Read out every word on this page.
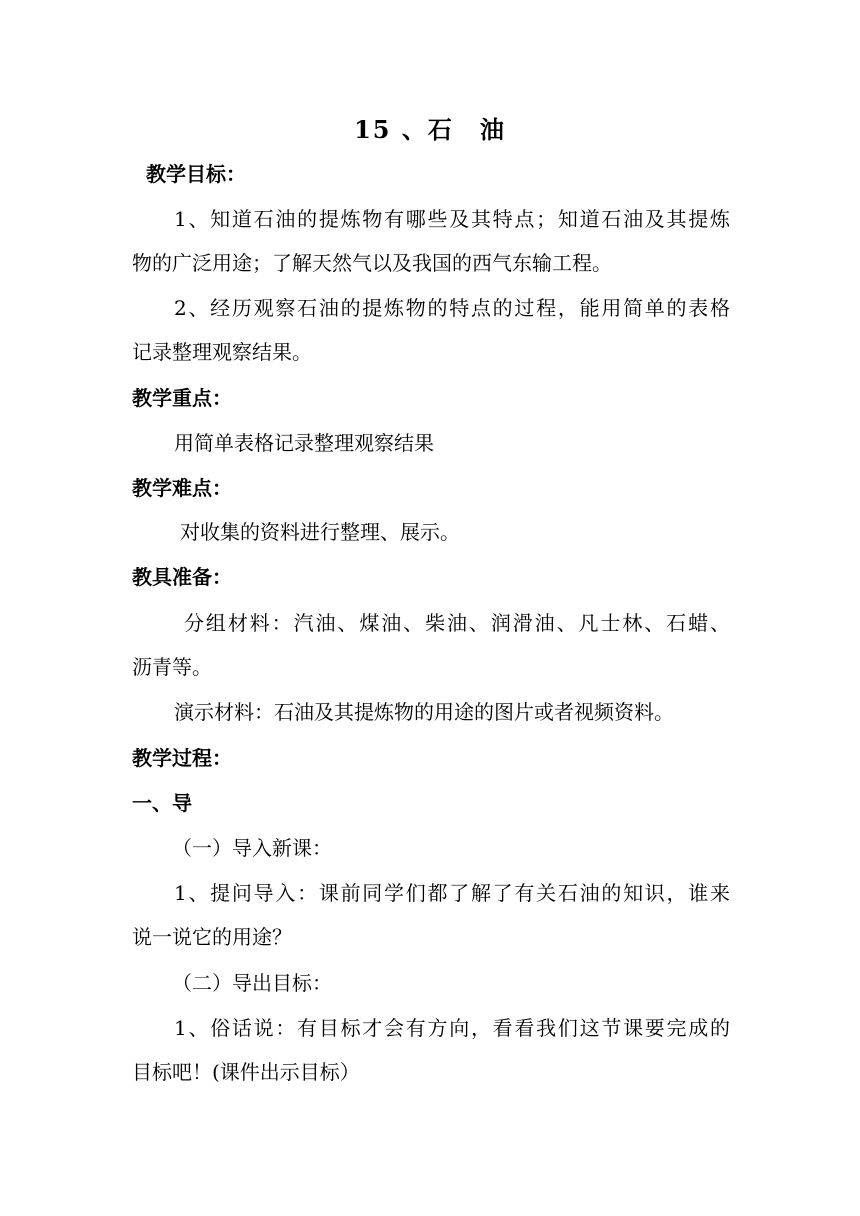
15 、石　油
教学目标：
1、知道石油的提炼物有哪些及其特点；知道石油及其提炼
物的广泛用途；了解天然气以及我国的西气东输工程。
2、经历观察石油的提炼物的特点的过程，能用简单的表格
记录整理观察结果。
教学重点：
用简单表格记录整理观察结果
教学难点：
对收集的资料进行整理、展示。
教具准备：
分组材料：汽油、煤油、柴油、润滑油、凡士林、石蜡、
沥青等。
演示材料：石油及其提炼物的用途的图片或者视频资料。
教学过程：
一、导
（一）导入新课：
1、提问导入：课前同学们都了解了有关石油的知识，谁来
说一说它的用途？
（二）导出目标：
1、俗话说：有目标才会有方向，看看我们这节课要完成的
目标吧！(课件出示目标）
